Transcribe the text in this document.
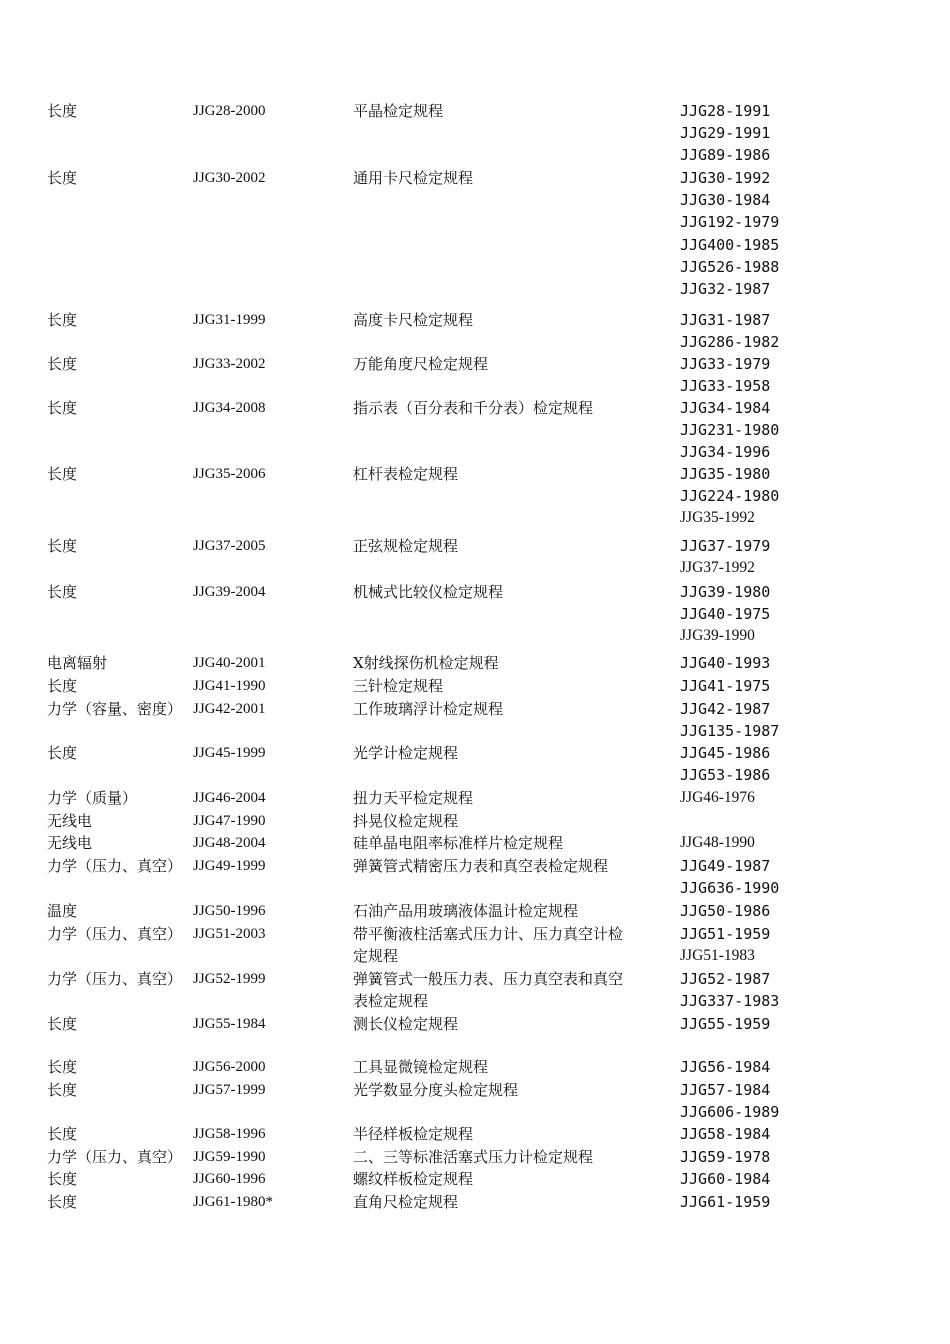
长度	JJG28-2000	平晶检定规程	JJG28-1991
JJG29-1991
JJG89-1986
长度	JJG30-2002	通用卡尺检定规程	JJG30-1992
JJG30-1984
JJG192-1979
JJG400-1985
JJG526-1988
JJG32-1987
长度	JJG31-1999	高度卡尺检定规程	JJG31-1987
JJG286-1982
长度	JJG33-2002	万能角度尺检定规程	JJG33-1979
JJG33-1958
长度	JJG34-2008	指示表（百分表和千分表）检定规程	JJG34-1984
JJG231-1980
JJG34-1996
长度	JJG35-2006	杠杆表检定规程	JJG35-1980
JJG224-1980
JJG35-1992
长度	JJG37-2005	正弦规检定规程	JJG37-1979
JJG37-1992
长度	JJG39-2004	机械式比较仪检定规程	JJG39-1980
JJG40-1975
JJG39-1990
电离辐射	JJG40-2001	X射线探伤机检定规程	JJG40-1993
长度	JJG41-1990	三针检定规程	JJG41-1975
力学（容量、密度） JJG42-2001	工作玻璃浮计检定规程	JJG42-1987
JJG135-1987
长度	JJG45-1999	光学计检定规程	JJG45-1986
JJG53-1986
力学（质量）	JJG46-2004	扭力天平检定规程	JJG46-1976
无线电	JJG47-1990	抖晃仪检定规程
无线电	JJG48-2004	硅单晶电阻率标准样片检定规程	JJG48-1990
力学（压力、真空） JJG49-1999	弹簧管式精密压力表和真空表检定规程	JJG49-1987
JJG636-1990
温度	JJG50-1996	石油产品用玻璃液体温计检定规程	JJG50-1986
力学（压力、真空） JJG51-2003	带平衡液柱活塞式压力计、压力真空计检
定规程
JJG51-1959
JJG51-1983
力学（压力、真空） JJG52-1999	弹簧管式一般压力表、压力真空表和真空
表检定规程
JJG52-1987
JJG337-1983
长度	JJG55-1984	测长仪检定规程	JJG55-1959
长度	JJG56-2000	工具显微镜检定规程	JJG56-1984
长度	JJG57-1999	光学数显分度头检定规程	JJG57-1984
JJG606-1989
长度	JJG58-1996	半径样板检定规程	JJG58-1984
力学（压力、真空） JJG59-1990	二、三等标准活塞式压力计检定规程	JJG59-1978
长度	JJG60-1996	螺纹样板检定规程	JJG60-1984
长度	JJG61-1980*	直角尺检定规程	JJG61-1959
